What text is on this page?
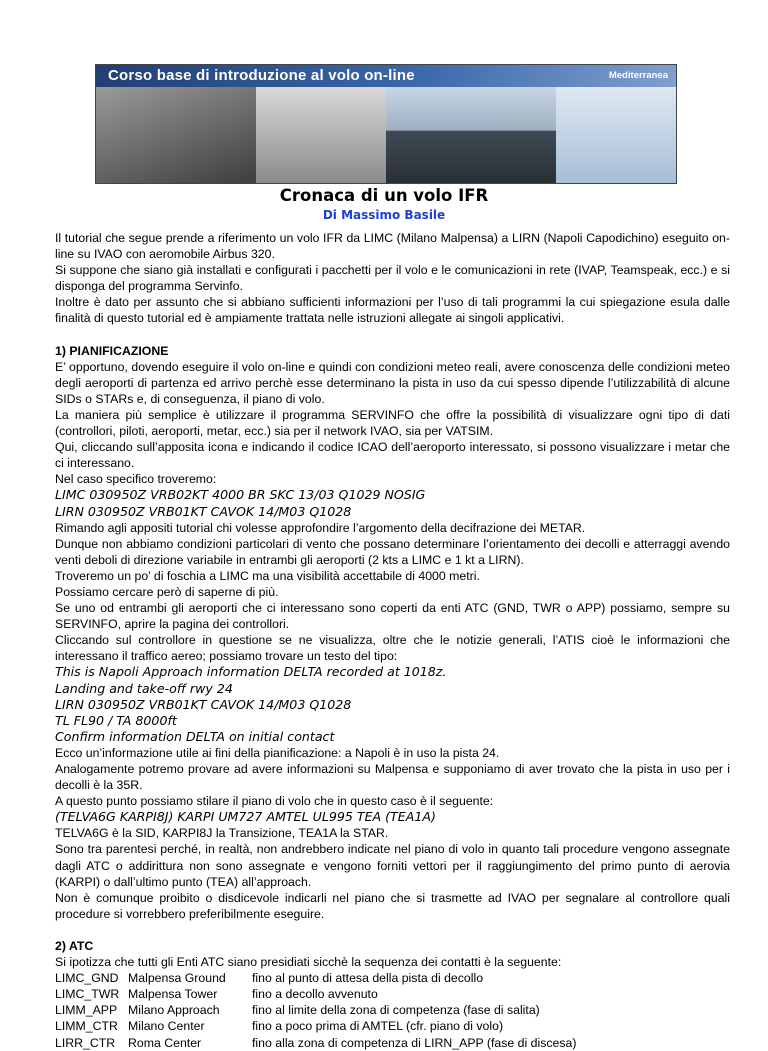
Corso base di introduzione al volo on-line	Mediterranea
Cronaca di un volo IFR
Di Massimo Basile

Il tutorial che segue prende a riferimento un volo IFR da LIMC (Milano Malpensa) a LIRN (Napoli Capodichino) eseguito on-line su IVAO con aeromobile Airbus 320.

Si suppone che siano già installati e configurati i pacchetti per il volo e le comunicazioni in rete (IVAP, Teamspeak, ecc.) e si disponga del programma Servinfo.

Inoltre è dato per assunto che si abbiano sufficienti informazioni per l’uso di tali programmi la cui spiegazione esula dalle finalità di questo tutorial ed è ampiamente trattata nelle istruzioni allegate ai singoli applicativi.

1) PIANIFICAZIONE

E’ opportuno, dovendo eseguire il volo on-line e quindi con condizioni meteo reali, avere conoscenza delle condizioni meteo degli aeroporti di partenza ed arrivo perchè esse determinano la pista in uso da cui spesso dipende l’utilizzabilità di alcune SIDs o STARs e, di conseguenza, il piano di volo.

La maniera più semplice è utilizzare il programma SERVINFO che offre la possibilità di visualizzare ogni tipo di dati (controllori, piloti, aeroporti, metar, ecc.) sia per il network IVAO, sia per VATSIM.

Qui, cliccando sull’apposita icona e indicando il codice ICAO dell’aeroporto interessato, si possono visualizzare i metar che ci interessano.

Nel caso specifico troveremo:

LIMC 030950Z VRB02KT 4000 BR SKC 13/03 Q1029 NOSIG

LIRN 030950Z VRB01KT CAVOK 14/M03 Q1028

Rimando agli appositi tutorial chi volesse approfondire l’argomento della decifrazione dei METAR.

Dunque non abbiamo condizioni particolari di vento che possano determinare l’orientamento dei decolli e atterraggi avendo venti deboli di direzione variabile in entrambi gli aeroporti (2 kts a LIMC e 1 kt a LIRN).

Troveremo un po’ di foschia a LIMC ma una visibilità accettabile di 4000 metri.

Possiamo cercare però di saperne di più.

Se uno od entrambi gli aeroporti che ci interessano sono coperti da enti ATC (GND, TWR o APP) possiamo, sempre su SERVINFO, aprire la pagina dei controllori.

Cliccando sul controllore in questione se ne visualizza, oltre che le notizie generali, l’ATIS cioè le informazioni che interessano il traffico aereo; possiamo trovare un testo del tipo:

This is Napoli Approach information DELTA recorded at 1018z.

Landing and take-off rwy 24

LIRN 030950Z VRB01KT CAVOK 14/M03 Q1028

TL FL90 / TA 8000ft

Confirm information DELTA on initial contact

Ecco un’informazione utile ai fini della pianificazione: a Napoli è in uso la pista 24.

Analogamente potremo provare ad avere informazioni su Malpensa e supponiamo di aver trovato che la pista in uso per i decolli è la 35R.

A questo punto possiamo stilare il piano di volo che in questo caso è il seguente:

(TELVA6G KARPI8J) KARPI UM727 AMTEL UL995 TEA (TEA1A)

TELVA6G è la SID, KARPI8J la Transizione, TEA1A la STAR.

Sono tra parentesi perché, in realtà, non andrebbero indicate nel piano di volo in quanto tali procedure vengono assegnate dagli ATC o addirittura non sono assegnate e vengono forniti vettori per il raggiungimento del primo punto di aerovia (KARPI) o dall’ultimo punto (TEA) all’approach.

Non è comunque proibito o disdicevole indicarli nel piano che si trasmette ad IVAO per segnalare al controllore quali procedure si vorrebbero preferibilmente eseguire.

2) ATC

Si ipotizza che tutti gli Enti ATC siano presidiati sicchè la sequenza dei contatti è la seguente:

LIMC_GND Malpensa Ground	fino al punto di attesa della pista di decollo
LIMC_TWR Malpensa Tower	fino a decollo avvenuto
LIMM_APP Milano Approach	fino al limite della zona di competenza (fase di salita)
LIMM_CTR Milano Center	fino a poco prima di AMTEL (cfr. piano di volo)
LIRR_CTR	Roma Center	fino alla zona di competenza di LIRN_APP (fase di discesa)
